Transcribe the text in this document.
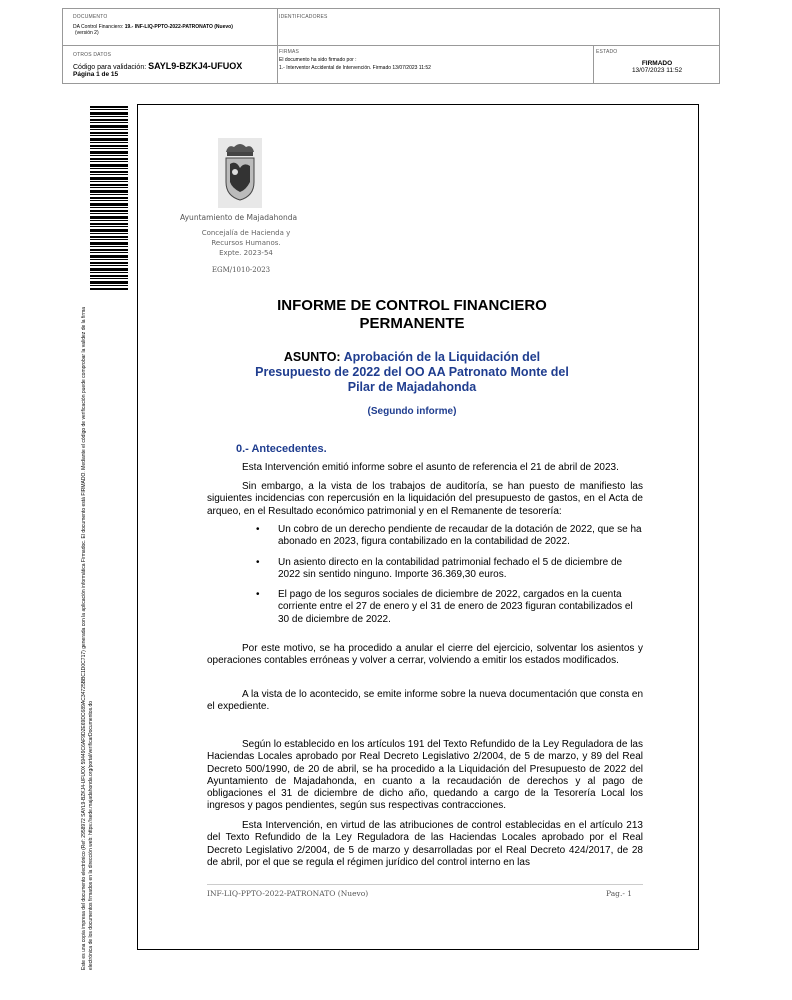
DOCUMENTO
DA Control Financiero: 19.- INF-LIQ-PPTO-2022-PATRONATO (Nuevo)
(versión 2)
IDENTIFICADORES
OTROS DATOS
Código para validación: SAYL9-BZKJ4-UFUOX
Página 1 de 15
FIRMAS
El documento ha sido firmado por :
1.- Interventor Accidental de Intervención. Firmado 13/07/2023 11:52
ESTADO
FIRMADO
13/07/2023 11:52
Este es una copia impresa del documento electrónico (Ref: 2958972 SAYL9-BZKJ4-UFUOX 59449C6AF9D2E69DC689AC34725BBC1D0C717) generada con la aplicación informática Firmadoc. El documento está FIRMADO. Mediante el código de verificación puede comprobar la validez de la firma electrónica de los documentos firmados en la dirección web: https://sede.majadahonda.org/portal/verificarDocumentos.do
Ayuntamiento de Majadahonda
Concejalía de Hacienda y
Recursos Humanos.
Expte. 2023-54
EGM/1010-2023
INFORME DE CONTROL FINANCIERO
PERMANENTE
ASUNTO: Aprobación de la Liquidación del
Presupuesto de 2022 del OO AA Patronato Monte del
Pilar de Majadahonda
(Segundo informe)
0.- Antecedentes.
Esta Intervención emitió informe sobre el asunto de referencia el 21 de abril de 2023.
Sin embargo, a la vista de los trabajos de auditoría, se han puesto de manifiesto las siguientes incidencias con repercusión en la liquidación del presupuesto de gastos, en el Acta de arqueo, en el Resultado económico patrimonial y en el Remanente de tesorería:
• Un cobro de un derecho pendiente de recaudar de la dotación de 2022, que se ha abonado en 2023, figura contabilizado en la contabilidad de 2022.
• Un asiento directo en la contabilidad patrimonial fechado el 5 de diciembre de 2022 sin sentido ninguno. Importe 36.369,30 euros.
• El pago de los seguros sociales de diciembre de 2022, cargados en la cuenta corriente entre el 27 de enero y el 31 de enero de 2023 figuran contabilizados el 30 de diciembre de 2022.
Por este motivo, se ha procedido a anular el cierre del ejercicio, solventar los asientos y operaciones contables erróneas y volver a cerrar, volviendo a emitir los estados modificados.
A la vista de lo acontecido, se emite informe sobre la nueva documentación que consta en el expediente.
Según lo establecido en los artículos 191 del Texto Refundido de la Ley Reguladora de las Haciendas Locales aprobado por Real Decreto Legislativo 2/2004, de 5 de marzo, y 89 del Real Decreto 500/1990, de 20 de abril, se ha procedido a la Liquidación del Presupuesto de 2022 del Ayuntamiento de Majadahonda, en cuanto a la recaudación de derechos y al pago de obligaciones el 31 de diciembre de dicho año, quedando a cargo de la Tesorería Local los ingresos y pagos pendientes, según sus respectivas contracciones.
Esta Intervención, en virtud de las atribuciones de control establecidas en el artículo 213 del Texto Refundido de la Ley Reguladora de las Haciendas Locales aprobado por el Real Decreto Legislativo 2/2004, de 5 de marzo y desarrolladas por el Real Decreto 424/2017, de 28 de abril, por el que se regula el régimen jurídico del control interno en las
INF-LIQ-PPTO-2022-PATRONATO (Nuevo)	Pag.- 1
